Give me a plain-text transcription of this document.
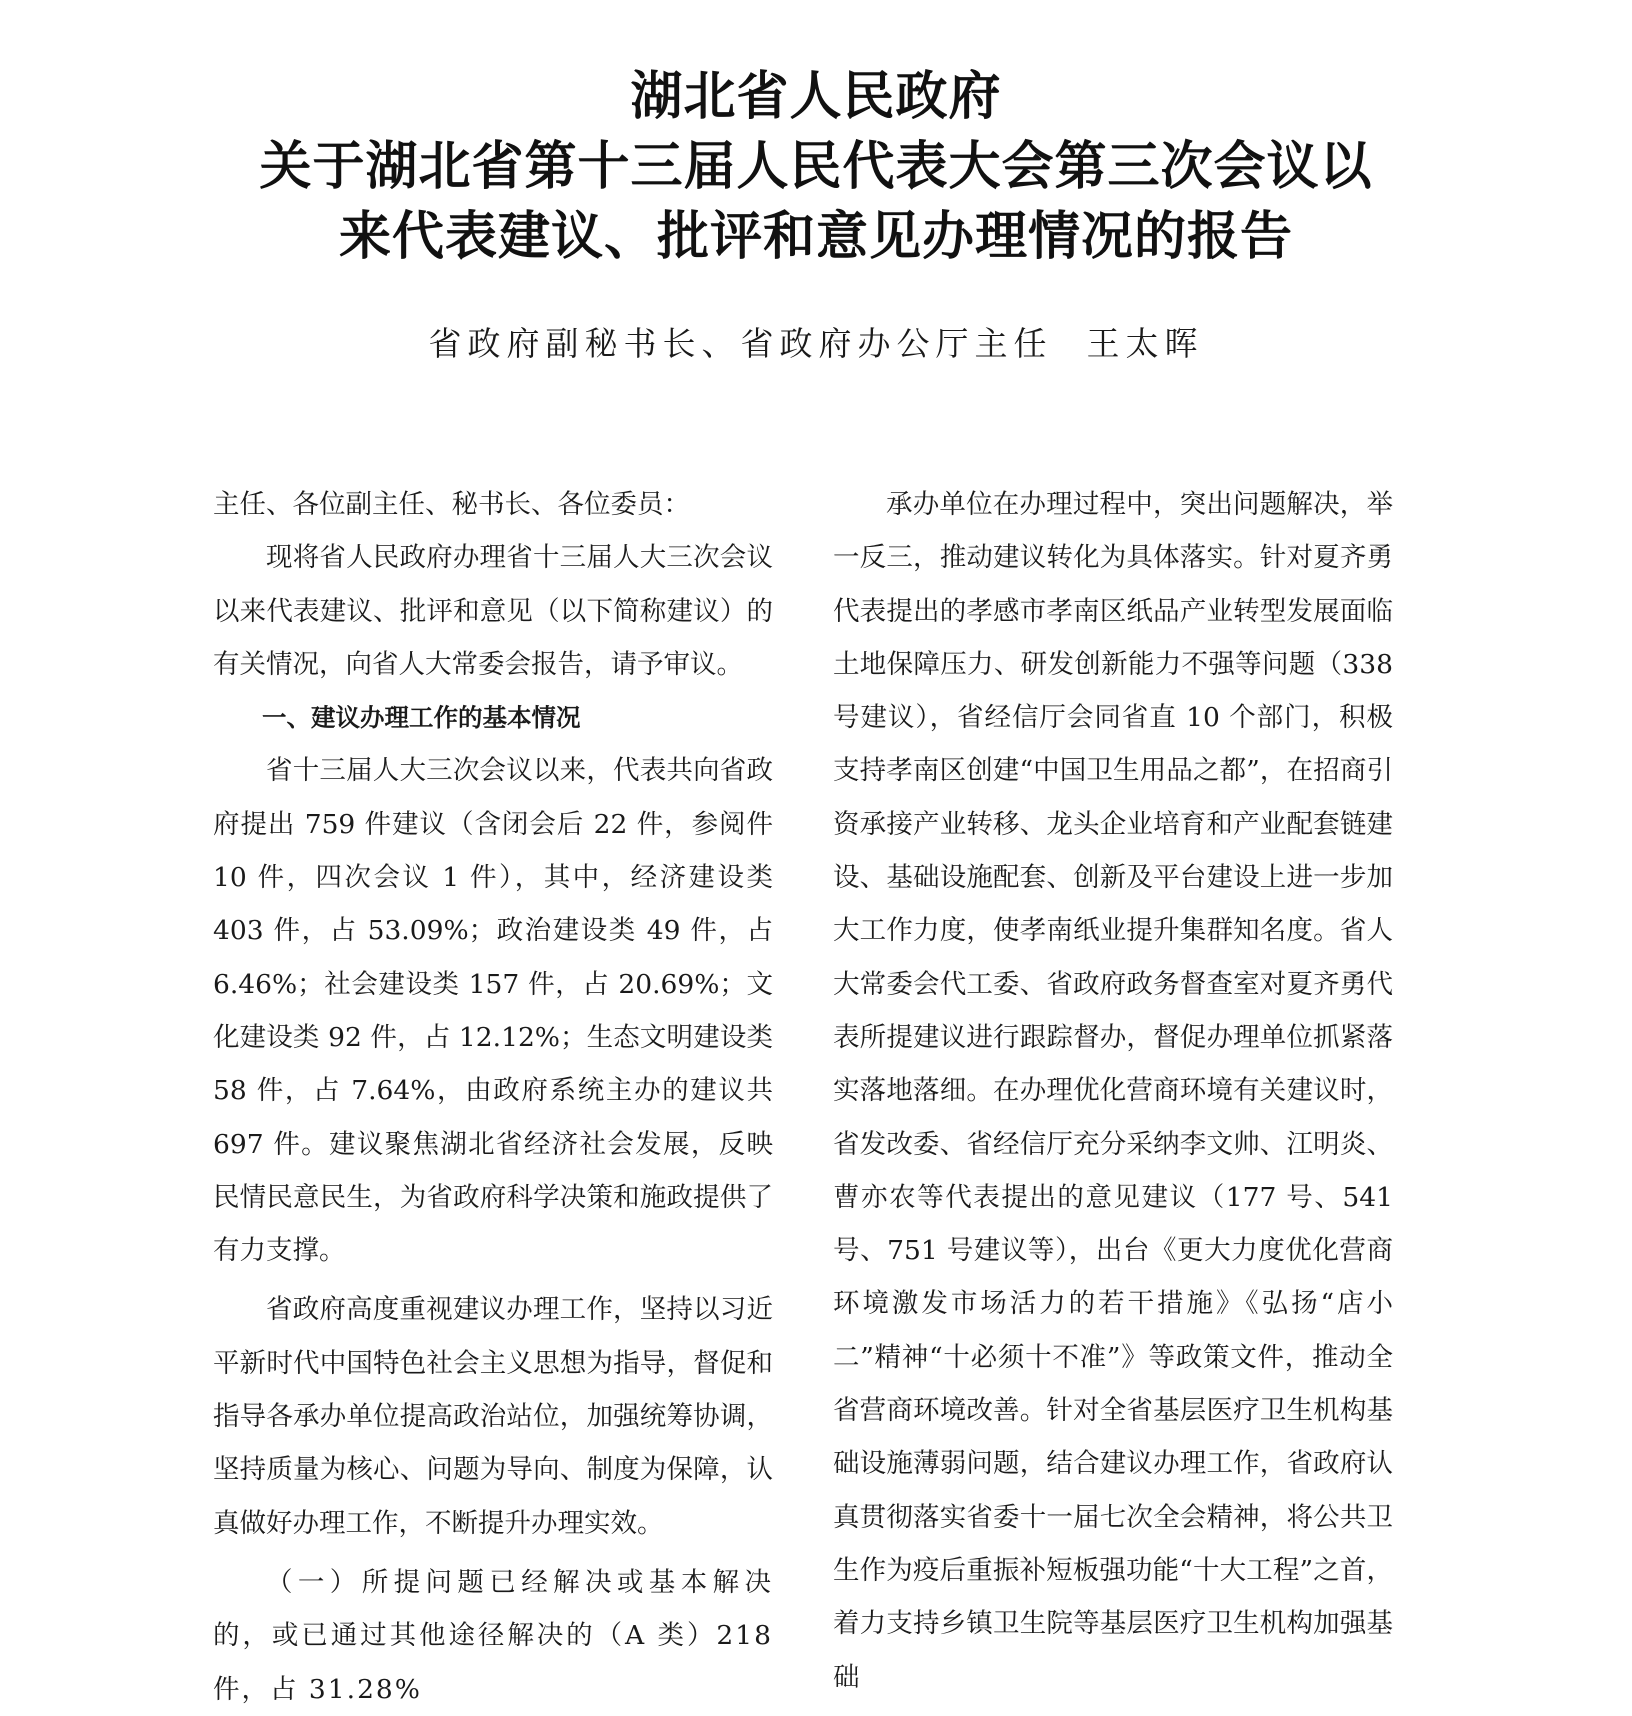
湖北省人民政府
关于湖北省第十三届人民代表大会第三次会议以
来代表建议、批评和意见办理情况的报告
省政府副秘书长、省政府办公厅主任 王太晖

主任、各位副主任、秘书长、各位委员：

现将省人民政府办理省十三届人大三次会议以来代表建议、批评和意见（以下简称建议）的有关情况，向省人大常委会报告，请予审议。

一、建议办理工作的基本情况

省十三届人大三次会议以来，代表共向省政府提出 759 件建议（含闭会后 22 件，参阅件 10 件，四次会议 1 件），其中，经济建设类 403 件，占 53.09%；政治建设类 49 件，占 6.46%；社会建设类 157 件，占 20.69%；文化建设类 92 件，占 12.12%；生态文明建设类 58 件，占 7.64%，由政府系统主办的建议共 697 件。建议聚焦湖北省经济社会发展，反映民情民意民生，为省政府科学决策和施政提供了有力支撑。

省政府高度重视建议办理工作，坚持以习近平新时代中国特色社会主义思想为指导，督促和指导各承办单位提高政治站位，加强统筹协调，坚持质量为核心、问题为导向、制度为保障，认真做好办理工作，不断提升办理实效。

（一）所提问题已经解决或基本解决的，或已通过其他途径解决的（A 类）218 件，占 31.28%

承办单位在办理过程中，突出问题解决，举一反三，推动建议转化为具体落实。针对夏齐勇代表提出的孝感市孝南区纸品产业转型发展面临土地保障压力、研发创新能力不强等问题（338 号建议），省经信厅会同省直 10 个部门，积极支持孝南区创建“中国卫生用品之都”，在招商引资承接产业转移、龙头企业培育和产业配套链建设、基础设施配套、创新及平台建设上进一步加大工作力度，使孝南纸业提升集群知名度。省人大常委会代工委、省政府政务督查室对夏齐勇代表所提建议进行跟踪督办，督促办理单位抓紧落实落地落细。在办理优化营商环境有关建议时，省发改委、省经信厅充分采纳李文帅、江明炎、曹亦农等代表提出的意见建议（177 号、541 号、751 号建议等），出台《更大力度优化营商环境激发市场活力的若干措施》《弘扬“店小二”精神“十必须十不准”》等政策文件，推动全省营商环境改善。针对全省基层医疗卫生机构基础设施薄弱问题，结合建议办理工作，省政府认真贯彻落实省委十一届七次全会精神，将公共卫生作为疫后重振补短板强功能“十大工程”之首，着力支持乡镇卫生院等基层医疗卫生机构加强基础
